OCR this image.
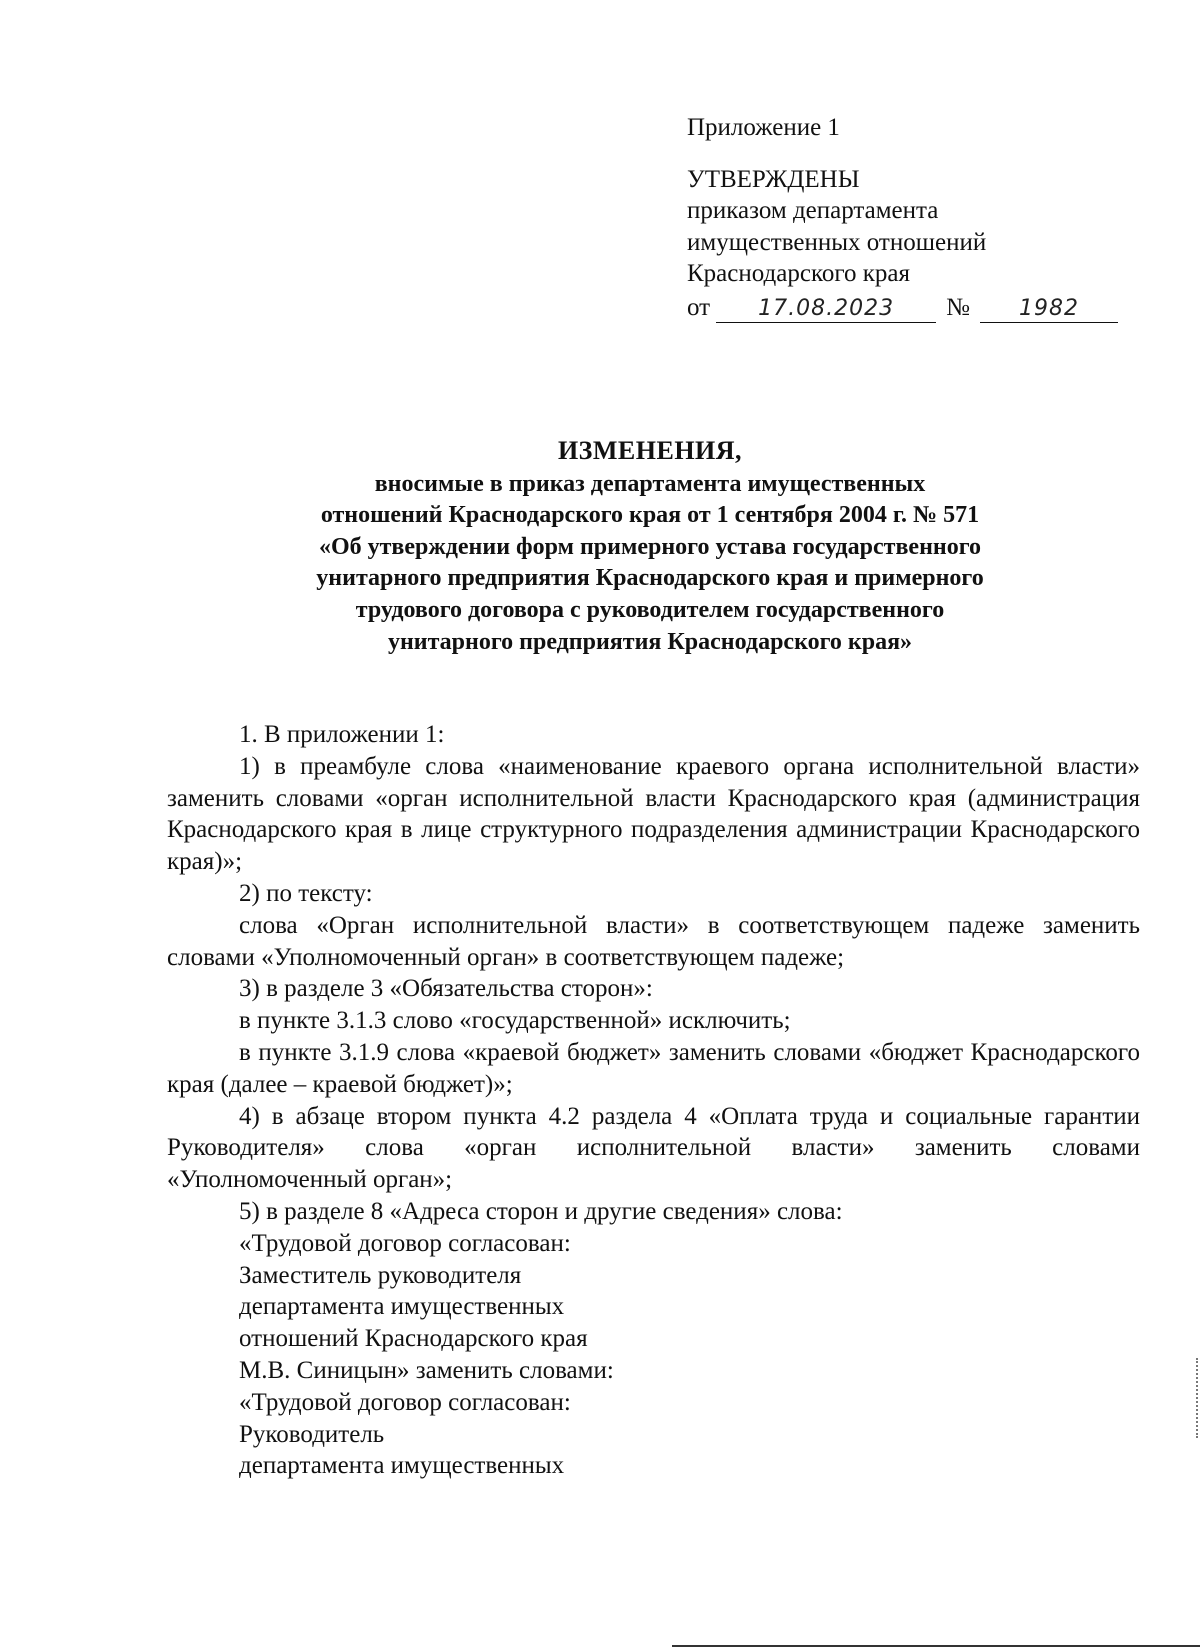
Приложение 1
УТВЕРЖДЕНЫ
приказом департамента
имущественных отношений
Краснодарского края
от	17.08.2023	№	1982
ИЗМЕНЕНИЯ,
вносимые в приказ департамента имущественных
отношений Краснодарского края от 1 сентября 2004 г. № 571
«Об утверждении форм примерного устава государственного
унитарного предприятия Краснодарского края и примерного
трудового договора с руководителем государственного
унитарного предприятия Краснодарского края»

1. В приложении 1:

1) в преамбуле слова «наименование краевого органа исполнительной власти» заменить словами «орган исполнительной власти Краснодарского края (администрация Краснодарского края в лице структурного подразделения администрации Краснодарского края)»;

2) по тексту:

слова «Орган исполнительной власти» в соответствующем падеже заменить словами «Уполномоченный орган» в соответствующем падеже;

3) в разделе 3 «Обязательства сторон»:

в пункте 3.1.3 слово «государственной» исключить;

в пункте 3.1.9 слова «краевой бюджет» заменить словами «бюджет Краснодарского края (далее – краевой бюджет)»;

4) в абзаце втором пункта 4.2 раздела 4 «Оплата труда и социальные гарантии Руководителя» слова «орган исполнительной власти» заменить словами «Уполномоченный орган»;

5) в разделе 8 «Адреса сторон и другие сведения» слова:

«Трудовой договор согласован:

Заместитель руководителя

департамента имущественных

отношений Краснодарского края

М.В. Синицын» заменить словами:

«Трудовой договор согласован:

Руководитель

департамента имущественных
